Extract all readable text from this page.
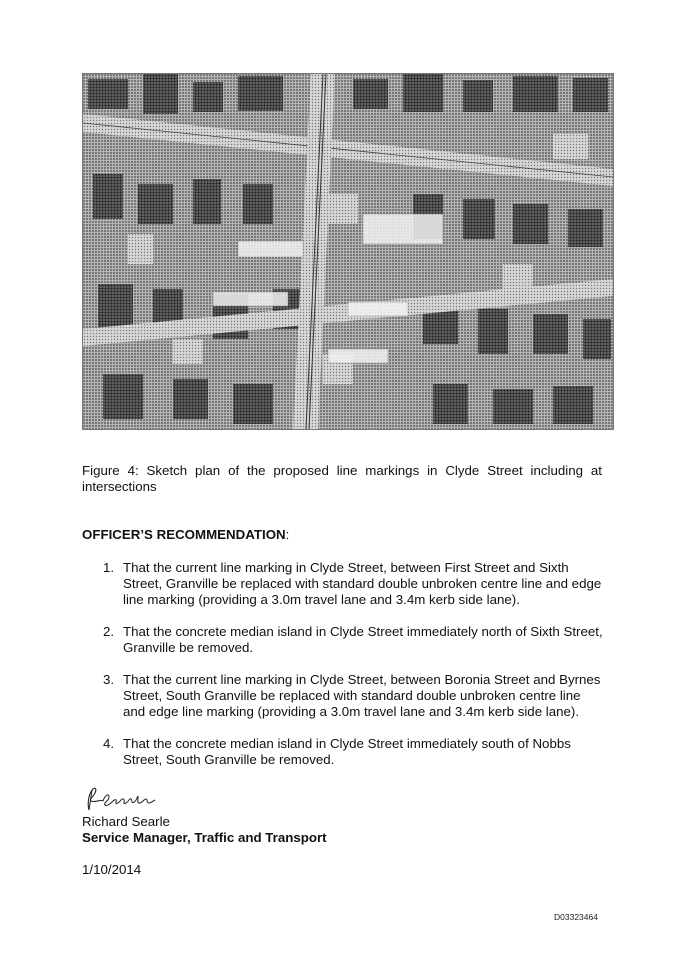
Figure 4: Sketch plan of the proposed line markings in Clyde Street including at intersections
OFFICER’S RECOMMENDATION:
1. That the current line marking in Clyde Street, between First Street and Sixth Street, Granville be replaced with standard double unbroken centre line and edge line marking (providing a 3.0m travel lane and 3.4m kerb side lane).
2. That the concrete median island in Clyde Street immediately north of Sixth Street, Granville be removed.
3. That the current line marking in Clyde Street, between Boronia Street and Byrnes Street, South Granville be replaced with standard double unbroken centre line and edge line marking (providing a 3.0m travel lane and 3.4m kerb side lane).
4. That the concrete median island in Clyde Street immediately south of Nobbs Street, South Granville be removed.
Richard Searle
Service Manager, Traffic and Transport
1/10/2014
D03323464
